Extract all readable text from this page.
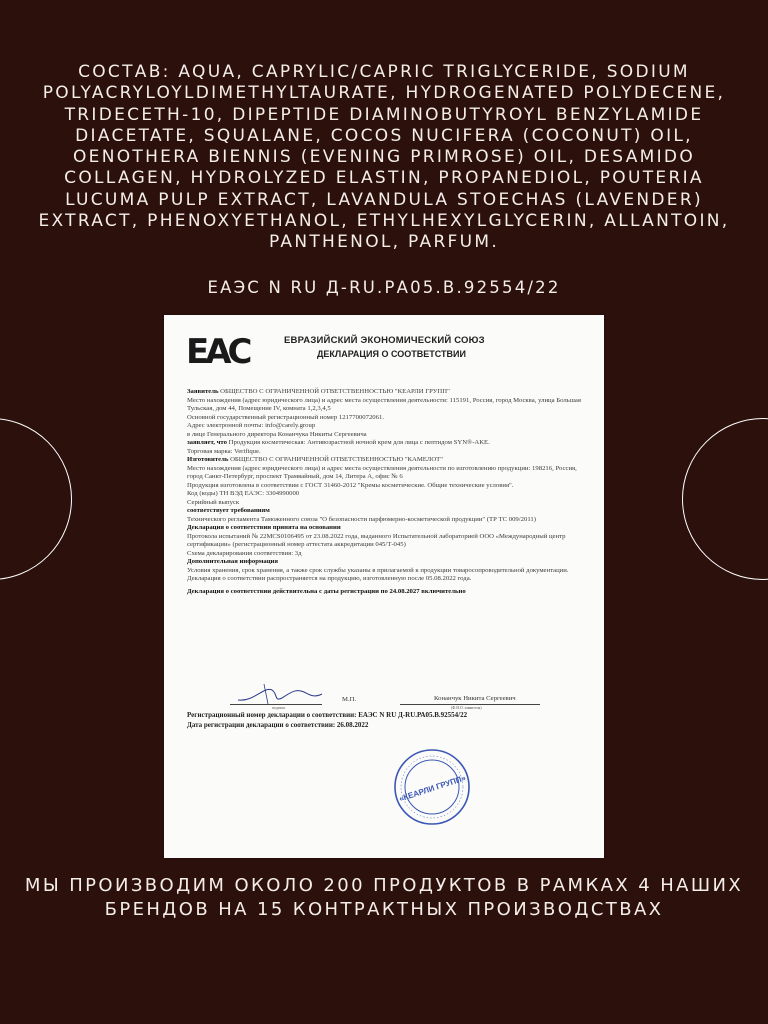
СОСТАВ: AQUA, CAPRYLIC/CAPRIC TRIGLYCERIDE, SODIUM POLYACRYLOYLDIMETHYLTAURATE, HYDROGENATED POLYDECENE, TRIDECETH-10, DIPEPTIDE DIAMINOBUTYROYL BENZYLAMIDE DIACETATE, SQUALANE, COCOS NUCIFERA (COCONUT) OIL, OENOTHERA BIENNIS (EVENING PRIMROSE) OIL, DESAMIDO COLLAGEN, HYDROLYZED ELASTIN, PROPANEDIOL, POUTERIA LUCUMA PULP EXTRACT, LAVANDULA STOECHAS (LAVENDER) EXTRACT, PHENOXYETHANOL, ETHYLHEXYLGLYCERIN, ALLANTOIN, PANTHENOL, PARFUM.
ЕАЭС N RU Д-RU.РА05.В.92554/22
EAC	ЕВРАЗИЙСКИЙ ЭКОНОМИЧЕСКИЙ СОЮЗ
ДЕКЛАРАЦИЯ О СООТВЕТСТВИИ

Заявитель ОБЩЕСТВО С ОГРАНИЧЕННОЙ ОТВЕТСТВЕННОСТЬЮ "КЕАРЛИ ГРУПП"

Место нахождения (адрес юридического лица) и адрес места осуществления деятельности: 115191, Россия, город Москва, улица Большая Тульская, дом 44, Помещение IV, комната 1,2,3,4,5

Основной государственный регистрационный номер 1217700072061.

Адрес электронной почты: info@carely.group

в лице Генерального директора Конанчука Никиты Сергеевича

заявляет, что Продукция косметическая: Антивозрастной ночной крем для лица с пептидом SYN®-AKE.

Торговая марка: Verifique.

Изготовитель ОБЩЕСТВО С ОГРАНИЧЕННОЙ ОТВЕТСТВЕННОСТЬЮ "КАМЕЛОТ"

Место нахождения (адрес юридического лица) и адрес места осуществления деятельности по изготовлению продукции: 198216, Россия, город Санкт-Петербург, проспект Трамвайный, дом 14, Литера А, офис № 6

Продукция изготовлена в соответствии с ГОСТ 31460-2012 "Кремы косметические. Общие технические условия".

Код (коды) ТН ВЭД ЕАЭС: 3304990000

Серийный выпуск

соответствует требованиям

Технического регламента Таможенного союза "О безопасности парфюмерно-косметической продукции" (ТР ТС 009/2011)

Декларация о соответствии принята на основании

Протокола испытаний № 22MCS0106495 от 23.08.2022 года, выданного Испытательной лабораторией ООО «Международный центр сертификации» (регистрационный номер аттестата аккредитации 045/Т-045)

Схема декларирования соответствия: 3д

Дополнительная информация

Условия хранения, срок хранения, а также срок службы указаны в прилагаемой к продукции товаросопроводительной документации. Декларация о соответствии распространяется на продукцию, изготовленную после 05.08.2022 года.

Декларация о соответствии действительна с даты регистрации по 24.08.2027 включительно

подпись
М.П.	Конанчук Никита Сергеевич
(Ф.И.О. заявителя)

Регистрационный номер декларации о соответствии: ЕАЭС N RU Д-RU.РА05.В.92554/22

Дата регистрации декларации о соответствии: 26.08.2022

«КЕАРЛИ ГРУПП»
МЫ ПРОИЗВОДИМ ОКОЛО 200 ПРОДУКТОВ В РАМКАХ 4 НАШИХ БРЕНДОВ НА 15 КОНТРАКТНЫХ ПРОИЗВОДСТВАХ
